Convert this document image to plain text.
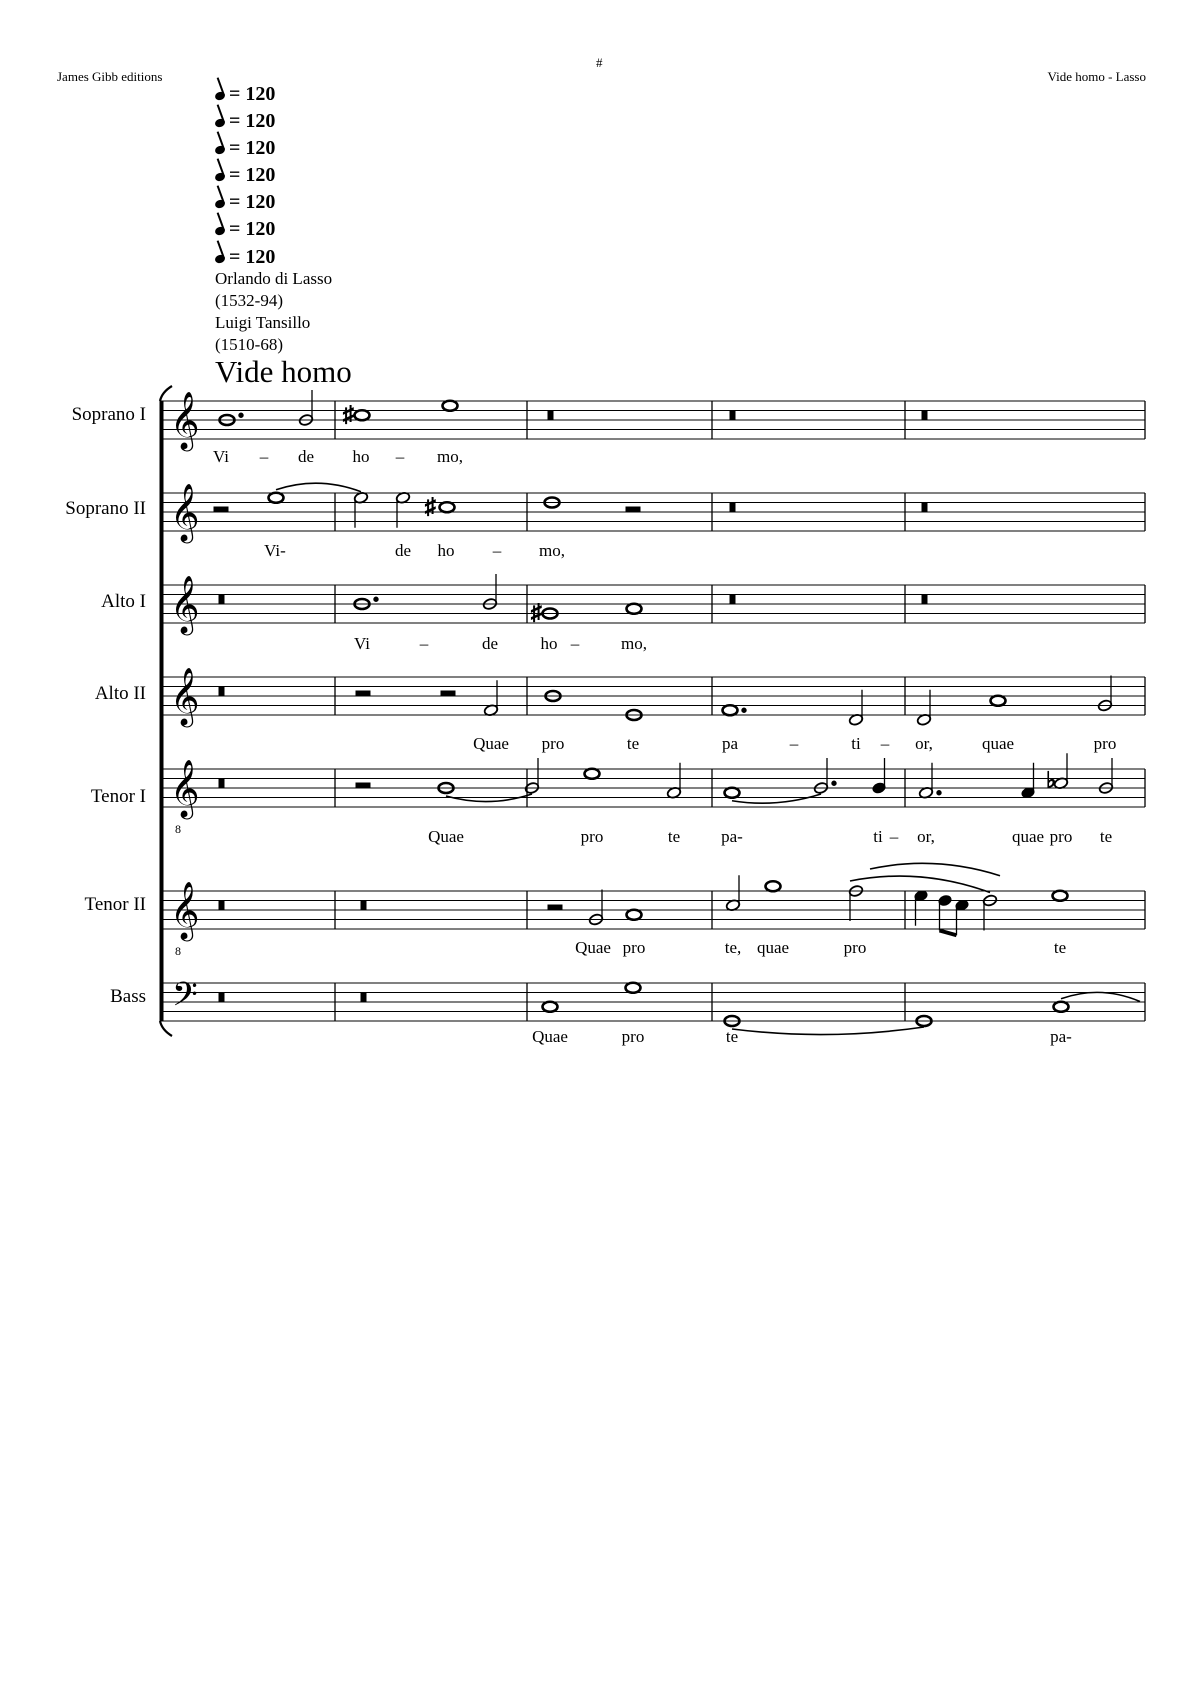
James Gibb editions
#
Vide homo - Lasso
= 120
= 120
= 120
= 120
= 120
= 120
= 120
Orlando di Lasso
(1532-94)
Luigi Tansillo
(1510-68)
Vide homo
Soprano I
Soprano II
Alto I
Alto II
Tenor I
Tenor II
Bass
𝄞
𝄞
𝄞
𝄞
𝄞
𝄞
𝄢
8
8
♯
♯
♯
♭
Vi – de ho – mo,
Vi-	de ho – mo,
Vi	–	de ho – mo,
Quae pro	te	pa	–	ti – or,	quae	pro
Quae	pro	te pa-	ti – or,	quae pro te
Quae pro	te, quae	pro	te
Quae	pro	te	pa-
